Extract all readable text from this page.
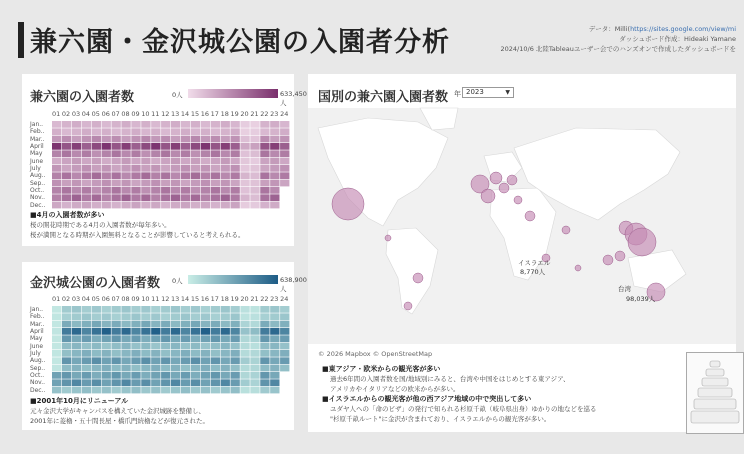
兼六園・金沢城公園の入園者分析	データ：Milli(https://sites.google.com/view/mi
ダッシュボード作成：Hideaki Yamane
2024/10/6 北陸Tableauユーザー会でのハンズオンで作成したダッシュボードを
兼六園の入園者数	0人	633,450人
01 02 03 04 05 06 07 08 09 10 11 12 13 14 15 16 17 18 19 20 21 22 23 24
Jan..
Feb..
Mar..
April
May
June
July
Aug..
Sep..
Oct..
Nov..
Dec..
■4月の入園者数が多い
桜の開花時期である4月の入園者数が毎年多い。
桜が満開となる時期が入園無料となることが影響していると考えられる。
金沢城公園の入園者数 0人	638,900人
01 02 03 04 05 06 07 08 09 10 11 12 13 14 15 16 17 18 19 20 21 22 23 24
Jan..
Feb..
Mar..
April
May
June
July
Aug..
Sep..
Oct..
Nov..
Dec..
■2001年10月にリニューアル
元々金沢大学がキャンパスを構えていた金沢城跡を整備し、
2001年に菱櫓・五十間長屋・橋爪門続櫓などが復元された。
国別の兼六園入園者数 年 2023	▼
イスラエル
8,770人
台湾
98,039人
© 2026 Mapbox © OpenStreetMap
■東アジア・欧米からの観光客が多い
過去6年間の入園者数を国/地域別にみると、台湾や中国をはじめとする東アジア、
アメリカやイタリアなどの欧米からが多い。
■イスラエルからの観光客が他の西アジア地域の中で突出して多い
ユダヤ人への「命のビザ」の発行で知られる杉原千畝（岐阜県出身）ゆかりの地などを巡る
"杉原千畝ルート"に金沢が含まれており、イスラエルからの観光客が多い。
